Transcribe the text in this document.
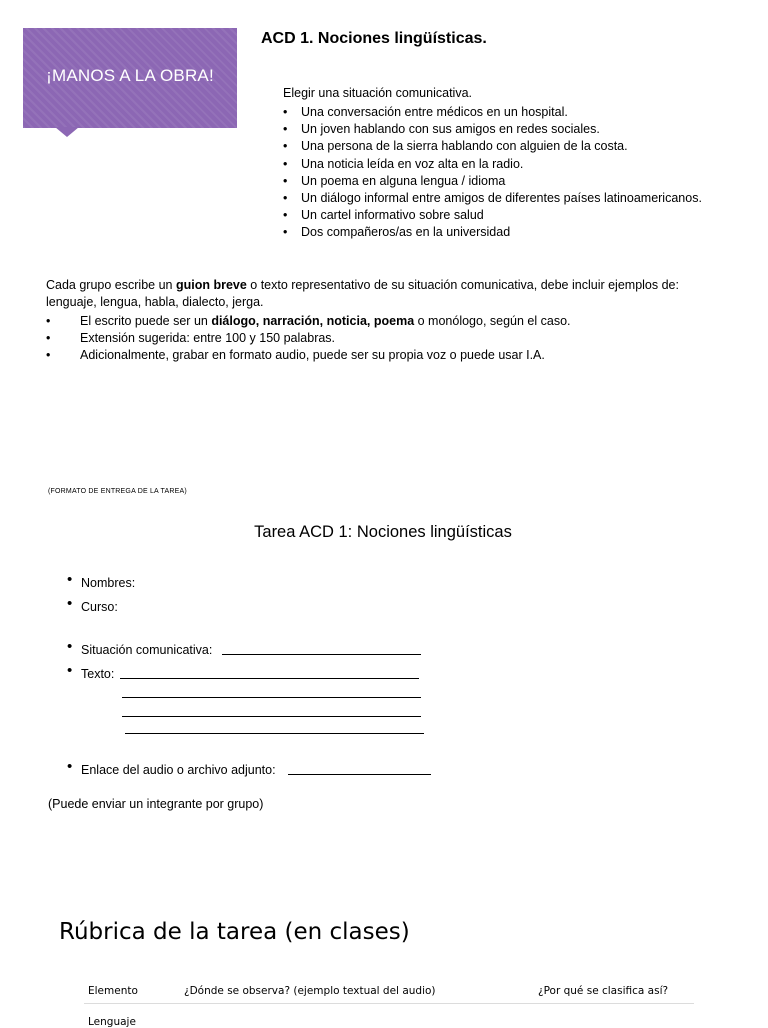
¡MANOS A LA OBRA!
ACD 1. Nociones lingüísticas.
Elegir una situación comunicativa.
• Una conversación entre médicos en un hospital.
• Un joven hablando con sus amigos en redes sociales.
• Una persona de la sierra hablando con alguien de la costa.
• Una noticia leída en voz alta en la radio.
• Un poema en alguna lengua / idioma
• Un diálogo informal entre amigos de diferentes países latinoamericanos.
• Un cartel informativo sobre salud
• Dos compañeros/as en la universidad
Cada grupo escribe un guion breve o texto representativo de su situación comunicativa, debe incluir ejemplos de: lenguaje, lengua, habla, dialecto, jerga.
• El escrito puede ser un diálogo, narración, noticia, poema o monólogo, según el caso.
• Extensión sugerida: entre 100 y 150 palabras.
• Adicionalmente, grabar en formato audio, puede ser su propia voz o puede usar I.A.
(FORMATO DE ENTREGA DE LA TAREA)
Tarea ACD 1: Nociones lingüísticas
• Nombres:
• Curso:
• Situación comunicativa:
• Texto:
• Enlace del audio o archivo adjunto:
(Puede enviar un integrante por grupo)
Rúbrica de la tarea (en clases)
Elemento	¿Dónde se observa? (ejemplo textual del audio)	¿Por qué se clasifica así?
Lenguaje
